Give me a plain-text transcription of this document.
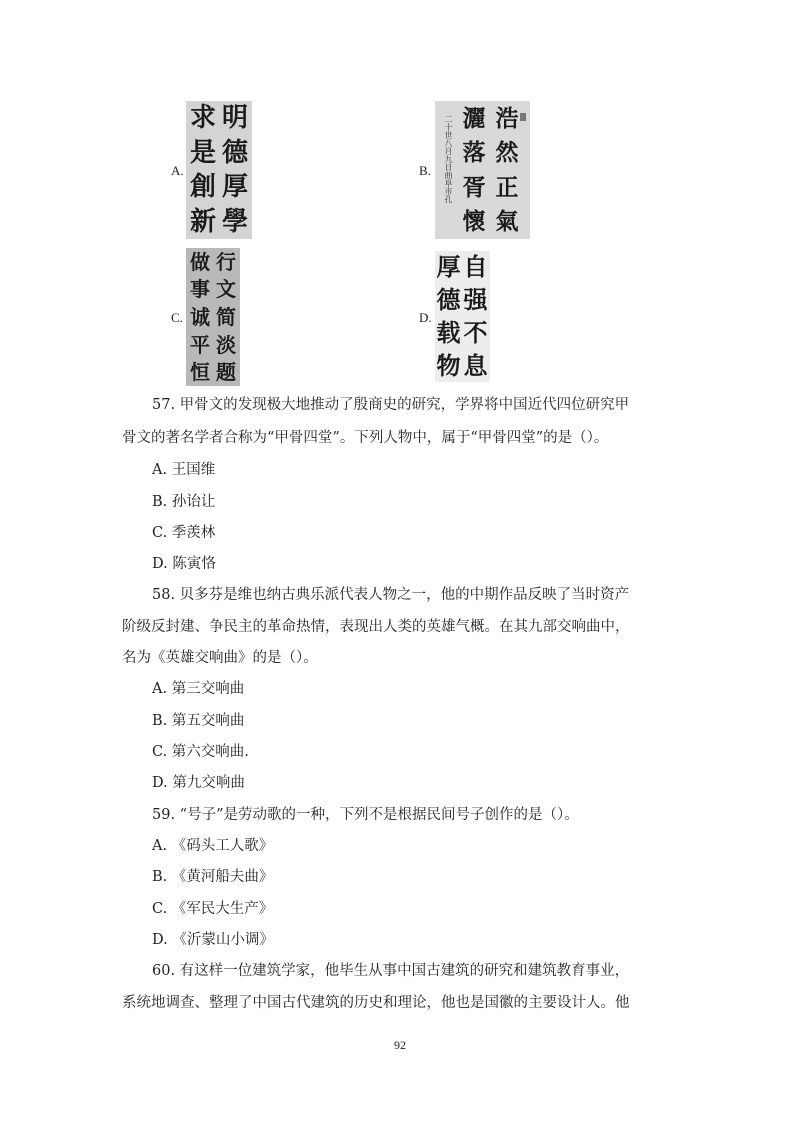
A.
明
德
厚
學
求
是
創
新
B.
浩
然
正
氣
灑
落
胥
懷
二十世八月九日曲阜市孔
C.
行
文
简
淡
题
做
事
诚
平
恒
D.
自
强
不
息
厚
德
载
物
57. 甲骨文的发现极大地推动了殷商史的研究，学界将中国近代四位研究甲
骨文的著名学者合称为“甲骨四堂”。下列人物中，属于“甲骨四堂”的是（）。
A. 王国维
B. 孙诒让
C. 季羡林
D. 陈寅恪
58. 贝多芬是维也纳古典乐派代表人物之一，他的中期作品反映了当时资产
阶级反封建、争民主的革命热情，表现出人类的英雄气概。在其九部交响曲中，
名为《英雄交响曲》的是（）。
A. 第三交响曲
B. 第五交响曲
C. 第六交响曲.
D. 第九交响曲
59. “号子”是劳动歌的一种，下列不是根据民间号子创作的是（）。
A. 《码头工人歌》
B. 《黄河船夫曲》
C. 《军民大生产》
D. 《沂蒙山小调》
60. 有这样一位建筑学家，他毕生从事中国古建筑的研究和建筑教育事业，
系统地调查、整理了中国古代建筑的历史和理论，他也是国徽的主要设计人。他
92
